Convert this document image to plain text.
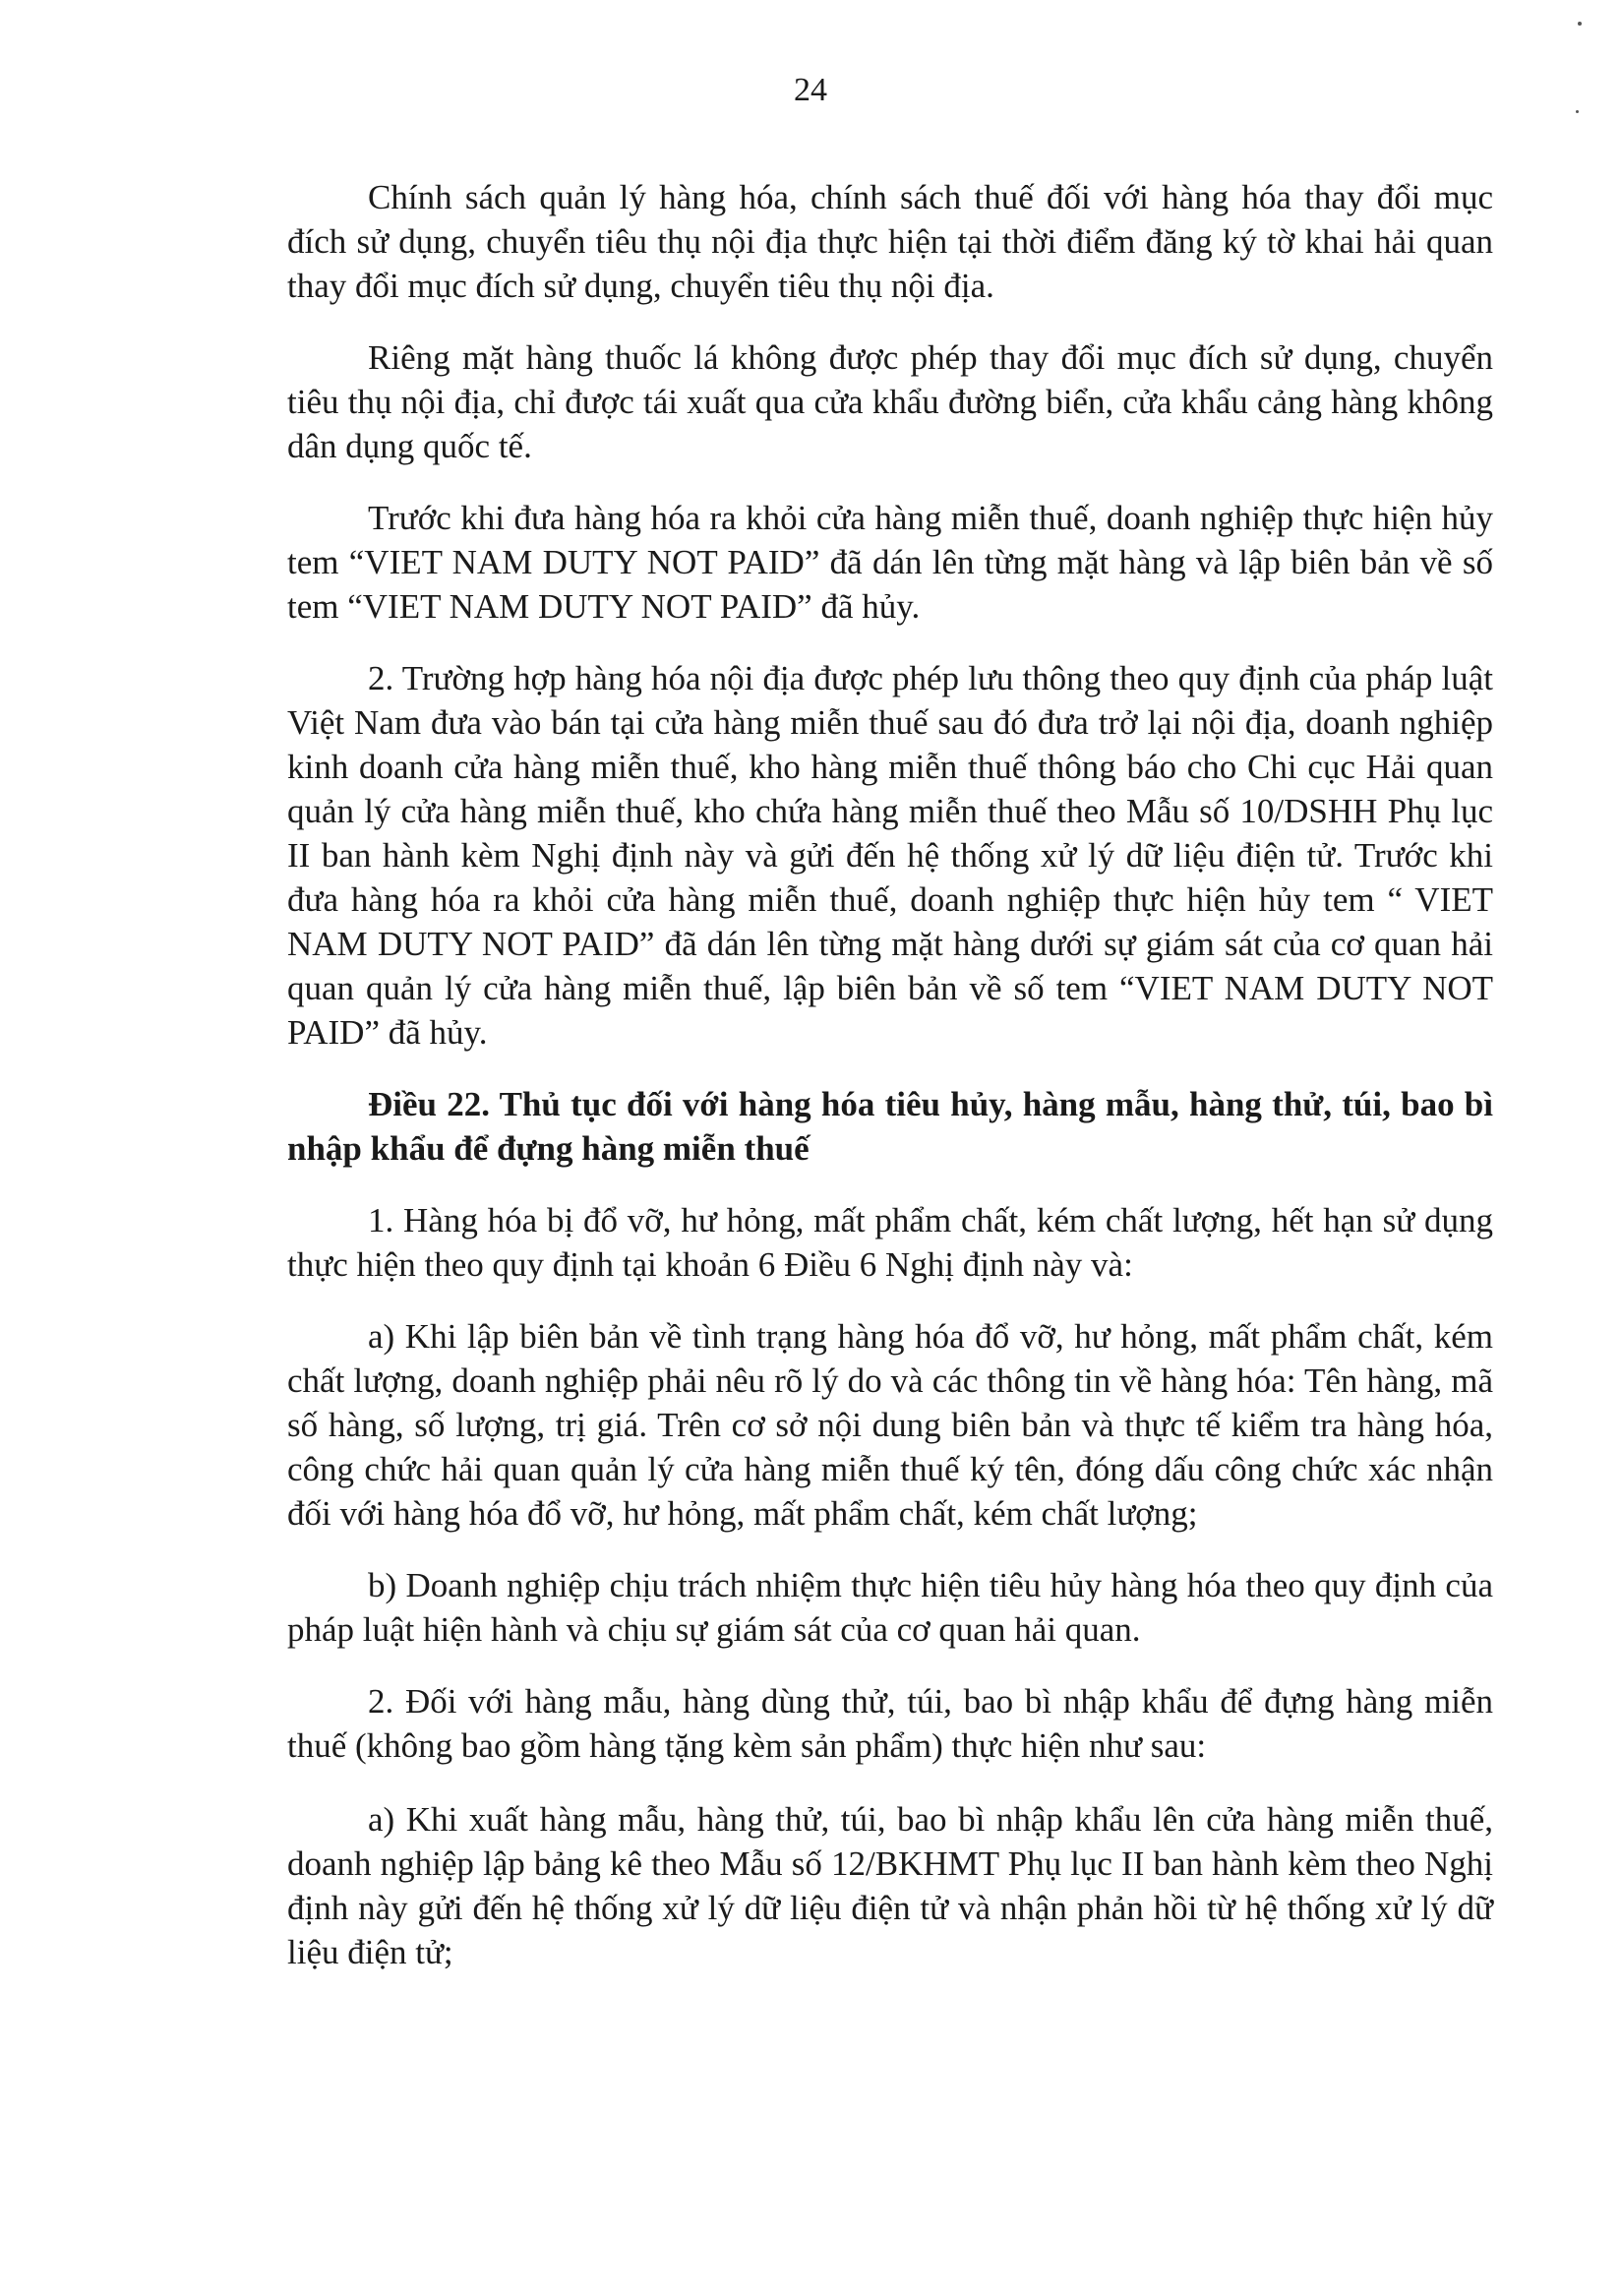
24

Chính sách quản lý hàng hóa, chính sách thuế đối với hàng hóa thay đổi mục đích sử dụng, chuyển tiêu thụ nội địa thực hiện tại thời điểm đăng ký tờ khai hải quan thay đổi mục đích sử dụng, chuyển tiêu thụ nội địa.

Riêng mặt hàng thuốc lá không được phép thay đổi mục đích sử dụng, chuyển tiêu thụ nội địa, chỉ được tái xuất qua cửa khẩu đường biển, cửa khẩu cảng hàng không dân dụng quốc tế.

Trước khi đưa hàng hóa ra khỏi cửa hàng miễn thuế, doanh nghiệp thực hiện hủy tem “VIET NAM DUTY NOT PAID” đã dán lên từng mặt hàng và lập biên bản về số tem “VIET NAM DUTY NOT PAID” đã hủy.

2. Trường hợp hàng hóa nội địa được phép lưu thông theo quy định của pháp luật Việt Nam đưa vào bán tại cửa hàng miễn thuế sau đó đưa trở lại nội địa, doanh nghiệp kinh doanh cửa hàng miễn thuế, kho hàng miễn thuế thông báo cho Chi cục Hải quan quản lý cửa hàng miễn thuế, kho chứa hàng miễn thuế theo Mẫu số 10/DSHH Phụ lục II ban hành kèm Nghị định này và gửi đến hệ thống xử lý dữ liệu điện tử. Trước khi đưa hàng hóa ra khỏi cửa hàng miễn thuế, doanh nghiệp thực hiện hủy tem “ VIET NAM DUTY NOT PAID” đã dán lên từng mặt hàng dưới sự giám sát của cơ quan hải quan quản lý cửa hàng miễn thuế, lập biên bản về số tem “VIET NAM DUTY NOT PAID” đã hủy.

Điều 22. Thủ tục đối với hàng hóa tiêu hủy, hàng mẫu, hàng thử, túi, bao bì nhập khẩu để đựng hàng miễn thuế

1. Hàng hóa bị đổ vỡ, hư hỏng, mất phẩm chất, kém chất lượng, hết hạn sử dụng thực hiện theo quy định tại khoản 6 Điều 6 Nghị định này và:

a) Khi lập biên bản về tình trạng hàng hóa đổ vỡ, hư hỏng, mất phẩm chất, kém chất lượng, doanh nghiệp phải nêu rõ lý do và các thông tin về hàng hóa: Tên hàng, mã số hàng, số lượng, trị giá. Trên cơ sở nội dung biên bản và thực tế kiểm tra hàng hóa, công chức hải quan quản lý cửa hàng miễn thuế ký tên, đóng dấu công chức xác nhận đối với hàng hóa đổ vỡ, hư hỏng, mất phẩm chất, kém chất lượng;

b) Doanh nghiệp chịu trách nhiệm thực hiện tiêu hủy hàng hóa theo quy định của pháp luật hiện hành và chịu sự giám sát của cơ quan hải quan.

2. Đối với hàng mẫu, hàng dùng thử, túi, bao bì nhập khẩu để đựng hàng miễn thuế (không bao gồm hàng tặng kèm sản phẩm) thực hiện như sau:

a) Khi xuất hàng mẫu, hàng thử, túi, bao bì nhập khẩu lên cửa hàng miễn thuế, doanh nghiệp lập bảng kê theo Mẫu số 12/BKHMT Phụ lục II ban hành kèm theo Nghị định này gửi đến hệ thống xử lý dữ liệu điện tử và nhận phản hồi từ hệ thống xử lý dữ liệu điện tử;
